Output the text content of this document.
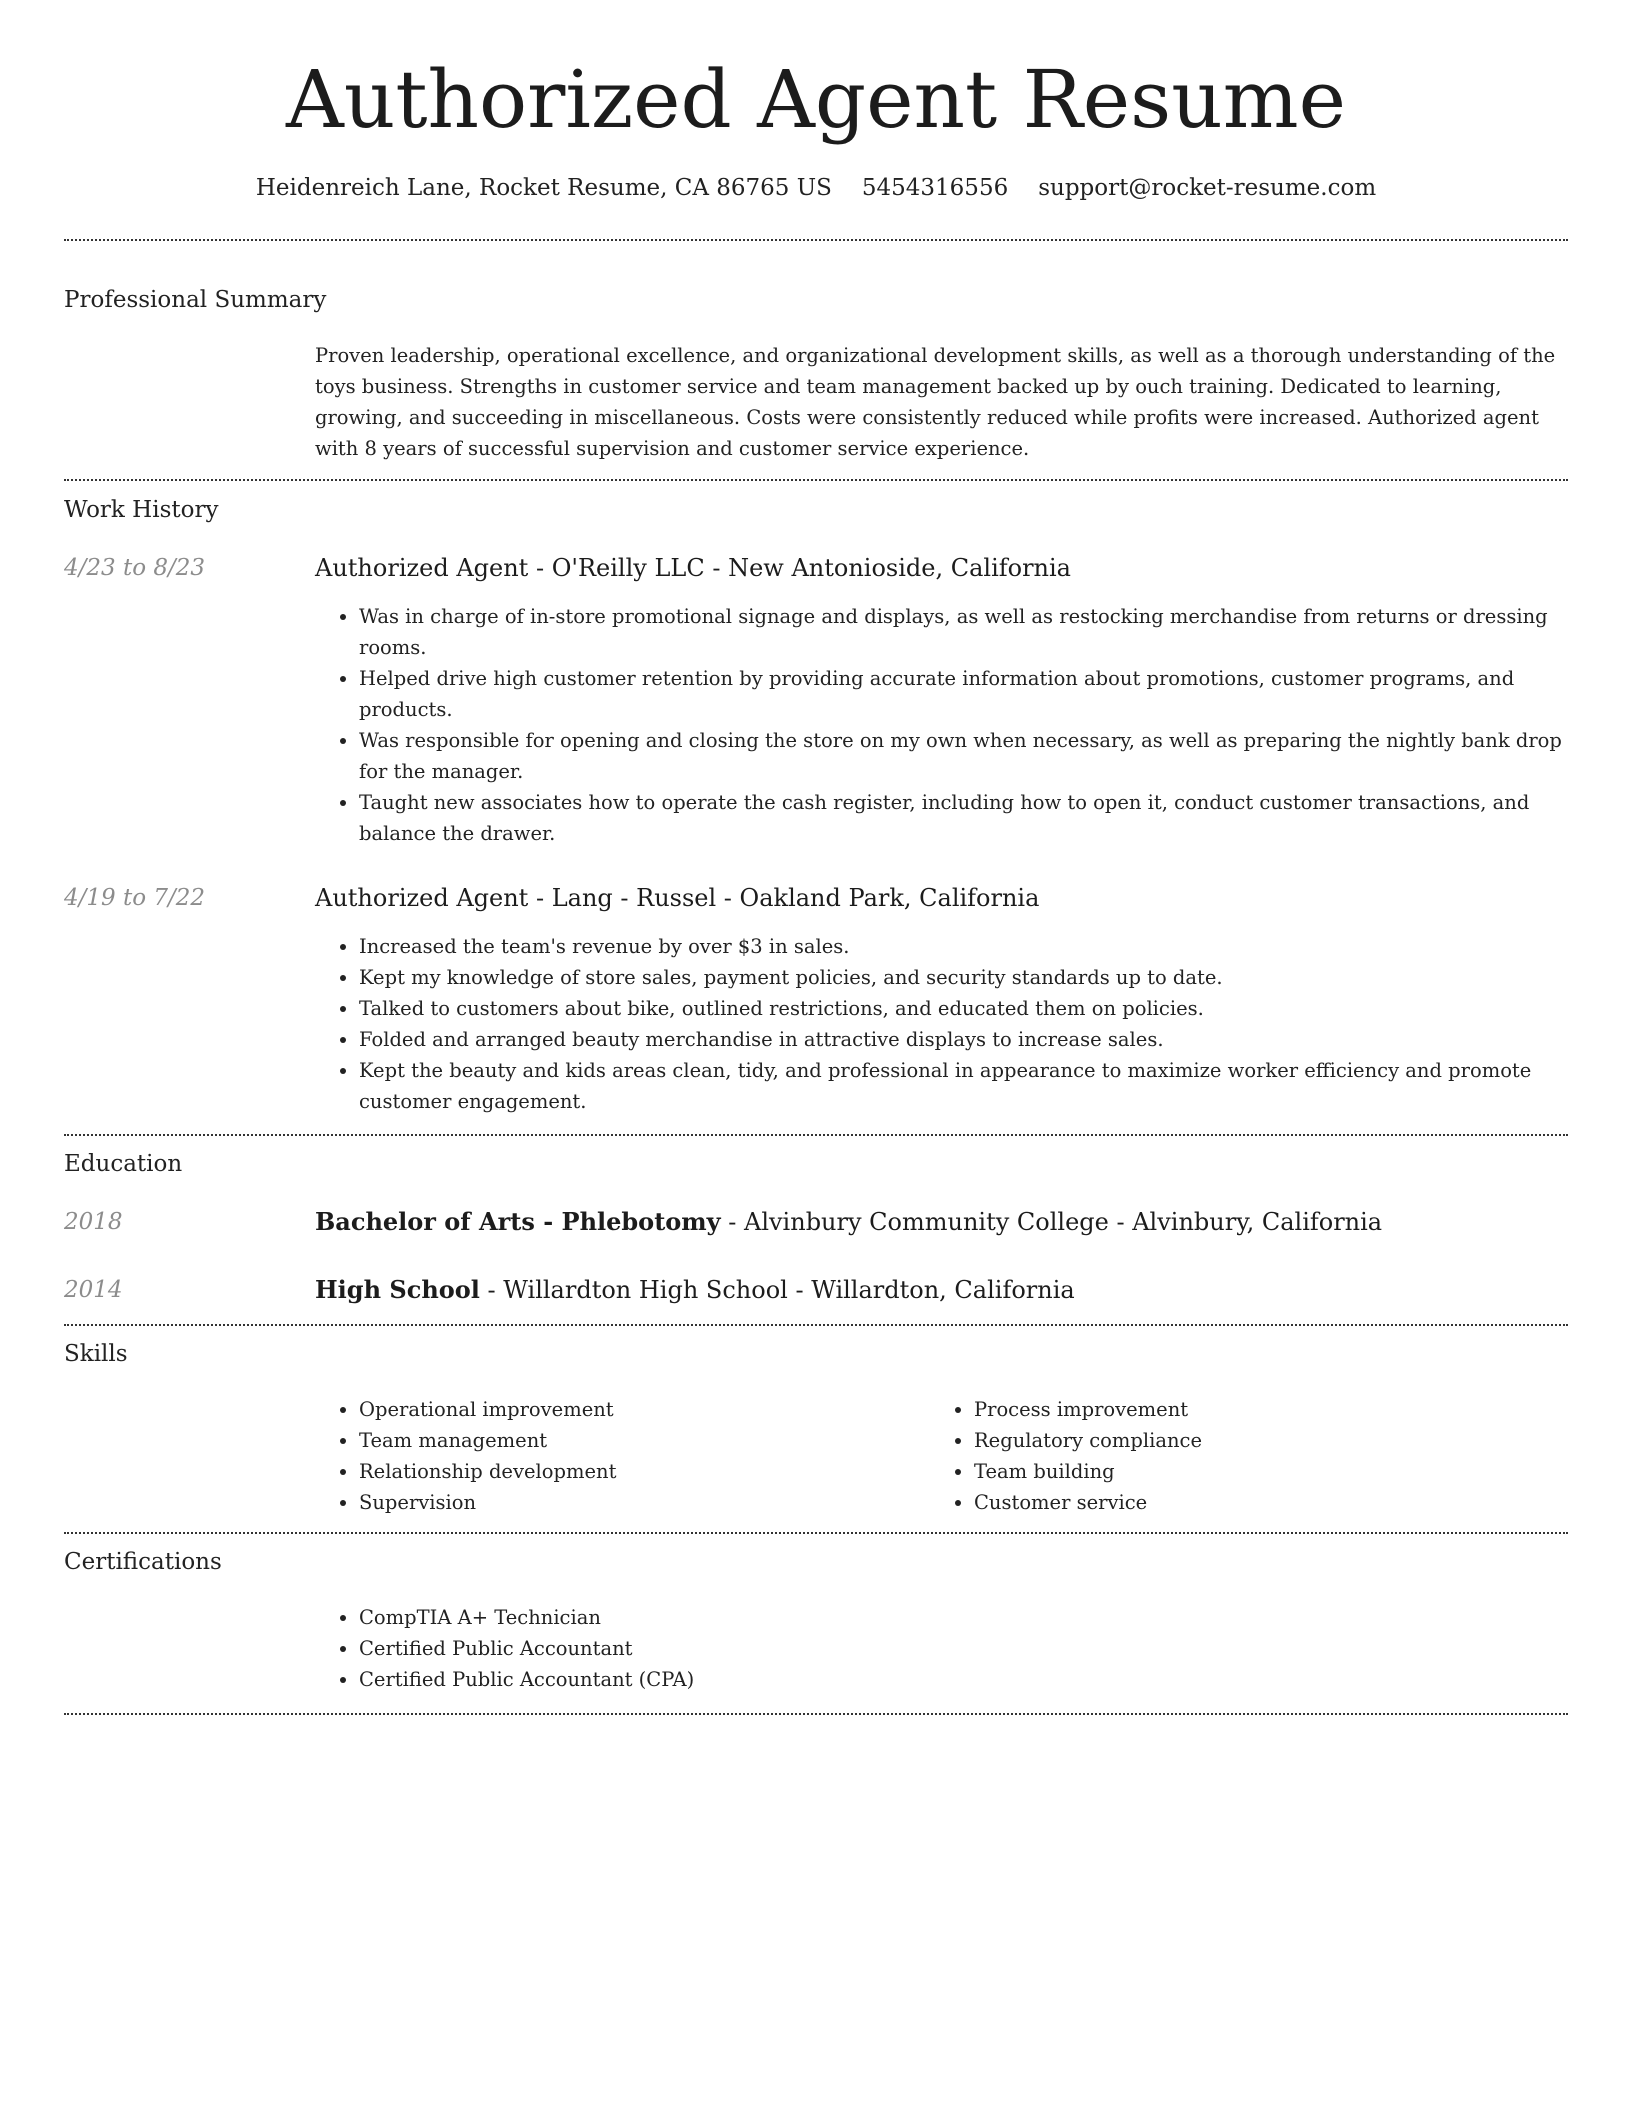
Authorized Agent Resume
Heidenreich Lane, Rocket Resume, CA 86765 US 5454316556 support@rocket-resume.com
Professional Summary
Proven leadership, operational excellence, and organizational development skills, as well as a thorough understanding of the toys business. Strengths in customer service and team management backed up by ouch training. Dedicated to learning, growing, and succeeding in miscellaneous. Costs were consistently reduced while profits were increased. Authorized agent with 8 years of successful supervision and customer service experience.
Work History
4/23 to 8/23	Authorized Agent - O'Reilly LLC - New Antonioside, California
• Was in charge of in-store promotional signage and displays, as well as restocking merchandise from returns or dressing rooms.
• Helped drive high customer retention by providing accurate information about promotions, customer programs, and products.
• Was responsible for opening and closing the store on my own when necessary, as well as preparing the nightly bank drop for the manager.
• Taught new associates how to operate the cash register, including how to open it, conduct customer transactions, and balance the drawer.
4/19 to 7/22	Authorized Agent - Lang - Russel - Oakland Park, California
• Increased the team's revenue by over $3 in sales.
• Kept my knowledge of store sales, payment policies, and security standards up to date.
• Talked to customers about bike, outlined restrictions, and educated them on policies.
• Folded and arranged beauty merchandise in attractive displays to increase sales.
• Kept the beauty and kids areas clean, tidy, and professional in appearance to maximize worker efficiency and promote customer engagement.
Education
2018	Bachelor of Arts - Phlebotomy - Alvinbury Community College - Alvinbury, California
2014	High School - Willardton High School - Willardton, California
Skills
• Operational improvement
• Team management
• Relationship development
• Supervision
• Process improvement
• Regulatory compliance
• Team building
• Customer service
Certifications
• CompTIA A+ Technician
• Certified Public Accountant
• Certified Public Accountant (CPA)
